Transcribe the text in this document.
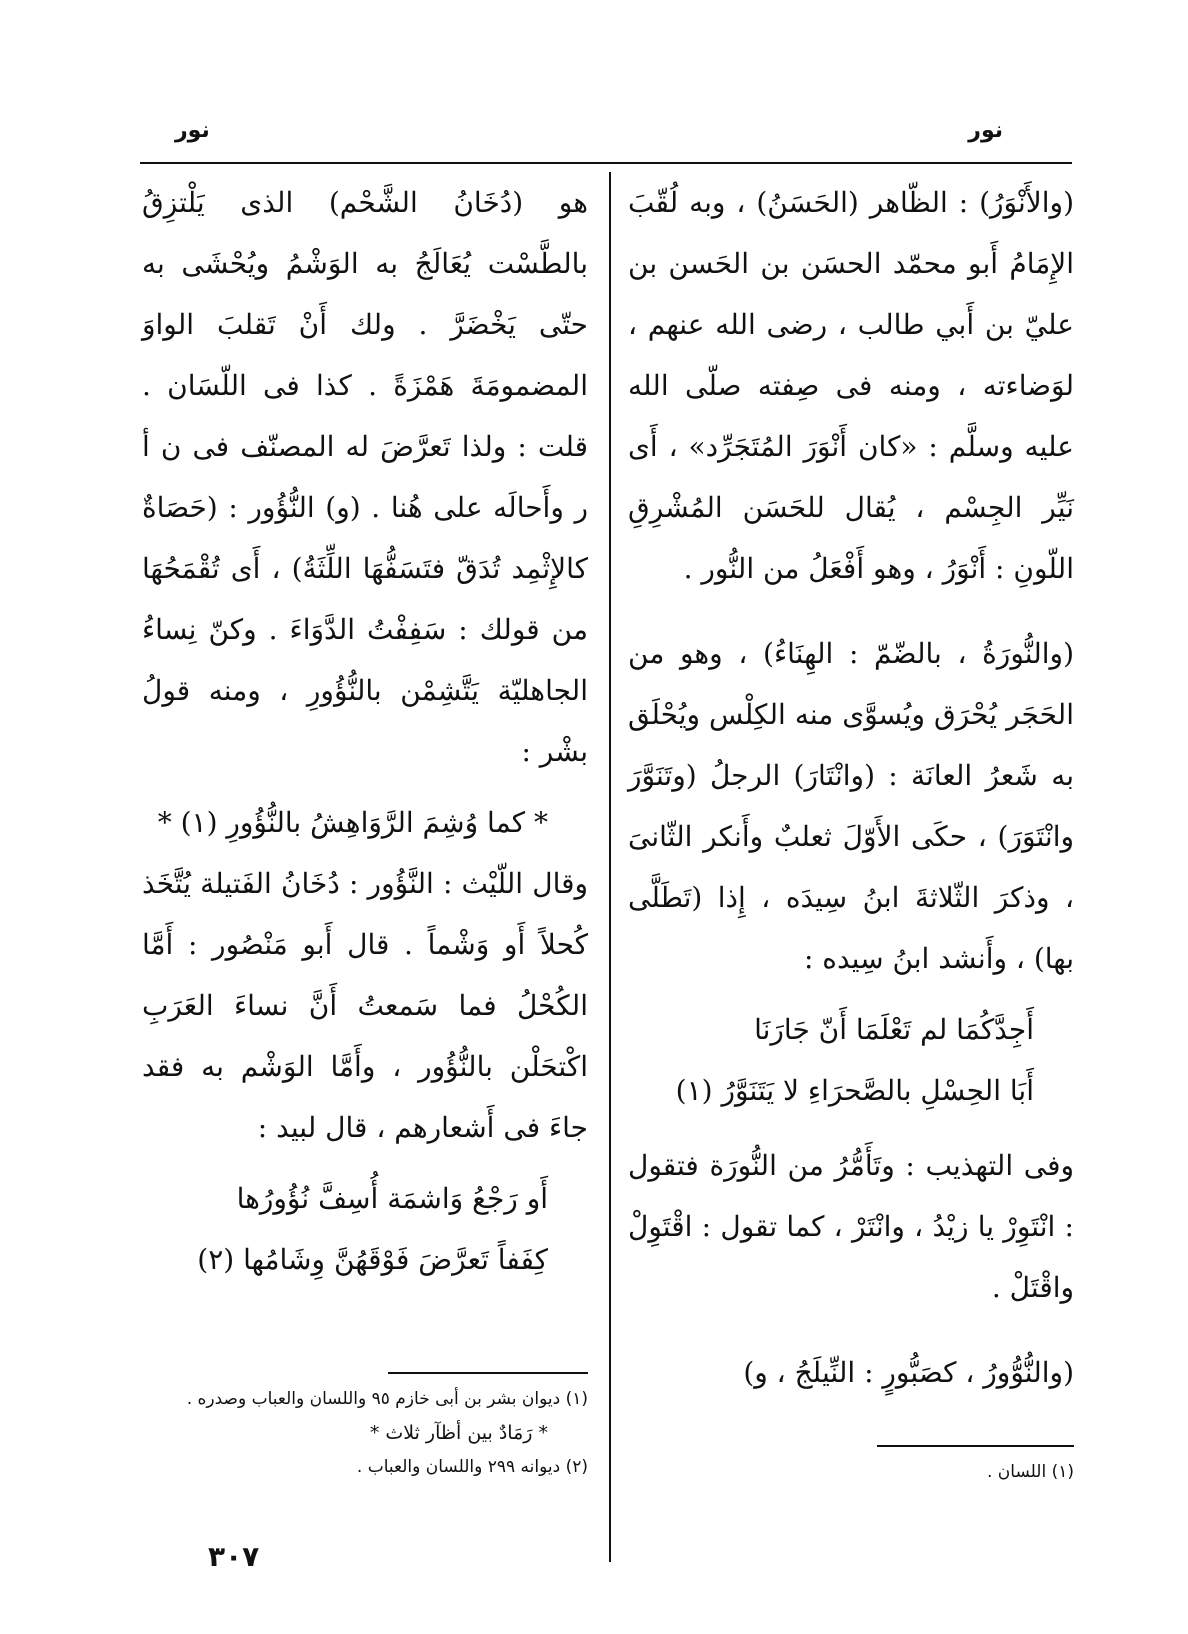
نور	نور

(والأَنْوَرُ) : الظّاهر (الحَسَنُ) ، وبه لُقّبَ الإِمَامُ أَبو محمّد الحسَن بن الحَسن بن عليّ بن أَبي طالب ، رضى الله عنهم ، لوَضاءته ، ومنه فى صِفته صلّى الله عليه وسلَّم : «كان أَنْوَرَ المُتَجَرِّد» ، أَى نَيِّر الجِسْم ، يُقال للحَسَن المُشْرِقِ اللّونِ : أَنْوَرُ ، وهو أَفْعَلُ من النُّور .

(والنُّورَةُ ، بالضّمّ : الهِنَاءُ) ، وهو من الحَجَر يُحْرَق ويُسوَّى منه الكِلْس ويُحْلَق به شَعرُ العانَة : (وانْتَارَ) الرجلُ (وتَنَوَّرَ وانْتَوَرَ) ، حكَى الأَوّلَ ثعلبٌ وأَنكر الثّانىَ ، وذكرَ الثّلاثةَ ابنُ سِيدَه ، إِذا (تَطَلَّى بها) ، وأَنشد ابنُ سِيده :

أَجِدَّكُمَا لم تَعْلَمَا أَنّ جَارَنَا

أَبَا الحِسْلِ بالصَّحرَاءِ لا يَتَنَوَّرُ (١)

وفى التهذيب : وتَأَمُّرُ من النُّورَة فتقول : انْتَوِرْ يا زيْدُ ، وانْتَرْ ، كما تقول : اقْتَوِلْ واقْتَلْ .

(والنُّوُّورُ ، كصَبُّورٍ : النِّيلَجُ ، و)

هو (دُخَانُ الشَّحْم) الذى يَلْتزِقُ بالطَّسْت يُعَالَجُ به الوَشْمُ ويُحْشَى به حتّى يَخْضَرَّ . ولك أَنْ تَقلبَ الواوَ المضمومَةَ هَمْزَةً . كذا فى اللّسَان . قلت : ولذا تَعرَّضَ له المصنّف فى ن أ ر وأَحالَه على هُنا . (و) النُّؤُور : (حَصَاةٌ كالإِثْمِد تُدَقّ فتَسَفُّهَا اللِّثَةُ) ، أَى تُقْمَحُهَا من قولك : سَفِفْتُ الدَّوَاءَ . وكنّ نِساءُ الجاهليّة يَتَّشِمْن بالنُّؤُورِ ، ومنه قولُ بشْر :

* كما وُشِمَ الرَّوَاهِشُ بالنُّؤُورِ (١) *

وقال اللّيْث : النَّؤُور : دُخَانُ الفَتيلة يُتَّخَذ كُحلاً أَو وَشْماً . قال أَبو مَنْصُور : أَمَّا الكُحْلُ فما سَمعتُ أَنَّ نساءَ العَرَبِ اكْتحَلْن بالنُّؤُور ، وأَمَّا الوَشْم به فقد جاءَ فى أَشعارهم ، قال لبيد :

أَو رَجْعُ وَاشمَة أُسِفَّ نُؤُورُها

كِفَفاً تَعرَّضَ فَوْقَهُنَّ وِشَامُها (٢)

(١) اللسان .
(١) ديوان بشر بن أبى خازم ٩٥ واللسان والعباب وصدره .
* رَمَادٌ بين أظآر ثلاث *
(٢) ديوانه ٢٩٩ واللسان والعباب .
٣٠٧
